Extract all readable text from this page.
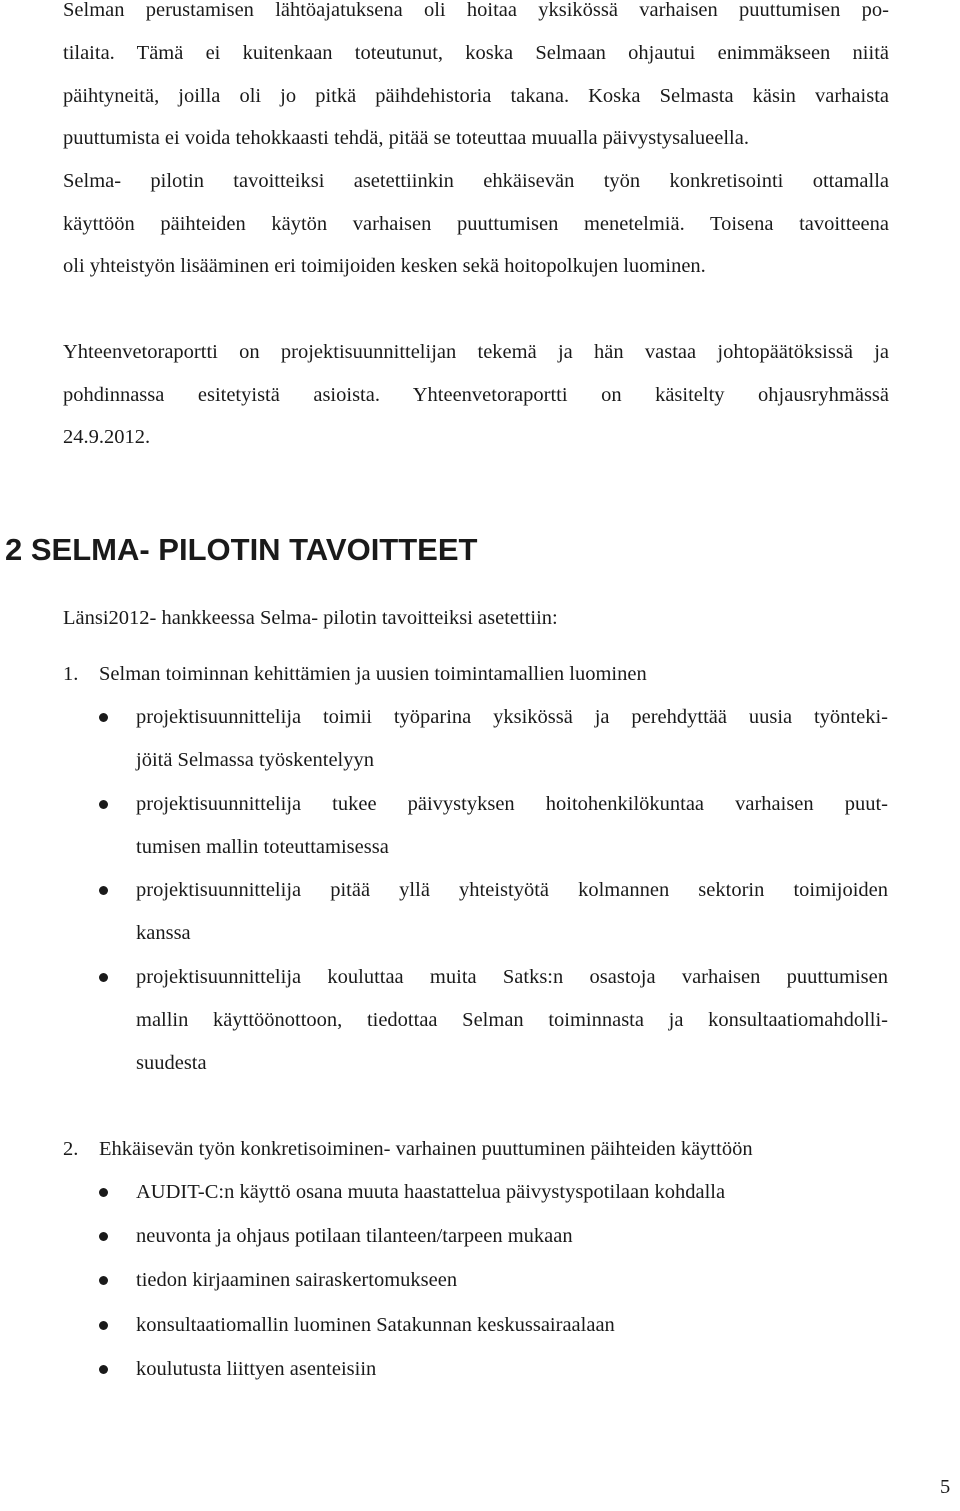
Selman perustamisen lähtöajatuksena oli hoitaa yksikössä varhaisen puuttumisen po-
tilaita. Tämä ei kuitenkaan toteutunut, koska Selmaan ohjautui enimmäkseen niitä
päihtyneitä, joilla oli jo pitkä päihdehistoria takana. Koska Selmasta käsin varhaista
puuttumista ei voida tehokkaasti tehdä, pitää se toteuttaa muualla päivystysalueella.
Selma- pilotin tavoitteiksi asetettiinkin ehkäisevän työn konkretisointi ottamalla
käyttöön päihteiden käytön varhaisen puuttumisen menetelmiä. Toisena tavoitteena
oli yhteistyön lisääminen eri toimijoiden kesken sekä hoitopolkujen luominen.
Yhteenvetoraportti on projektisuunnittelijan tekemä ja hän vastaa johtopäätöksissä ja
pohdinnassa esitetyistä asioista. Yhteenvetoraportti on käsitelty ohjausryhmässä
24.9.2012.
2 SELMA- PILOTIN TAVOITTEET
Länsi2012- hankkeessa Selma- pilotin tavoitteiksi asetettiin:
1. Selman toiminnan kehittämien ja uusien toimintamallien luominen
projektisuunnittelija toimii työparina yksikössä ja perehdyttää uusia työnteki-
jöitä Selmassa työskentelyyn
projektisuunnittelija tukee päivystyksen hoitohenkilökuntaa varhaisen puut-
tumisen mallin toteuttamisessa
projektisuunnittelija pitää yllä yhteistyötä kolmannen sektorin toimijoiden
kanssa
projektisuunnittelija kouluttaa muita Satks:n osastoja varhaisen puuttumisen
mallin käyttöönottoon, tiedottaa Selman toiminnasta ja konsultaatiomahdolli-
suudesta
2. Ehkäisevän työn konkretisoiminen- varhainen puuttuminen päihteiden käyttöön
AUDIT-C:n käyttö osana muuta haastattelua päivystyspotilaan kohdalla
neuvonta ja ohjaus potilaan tilanteen/tarpeen mukaan
tiedon kirjaaminen sairaskertomukseen
konsultaatiomallin luominen Satakunnan keskussairaalaan
koulutusta liittyen asenteisiin
5
